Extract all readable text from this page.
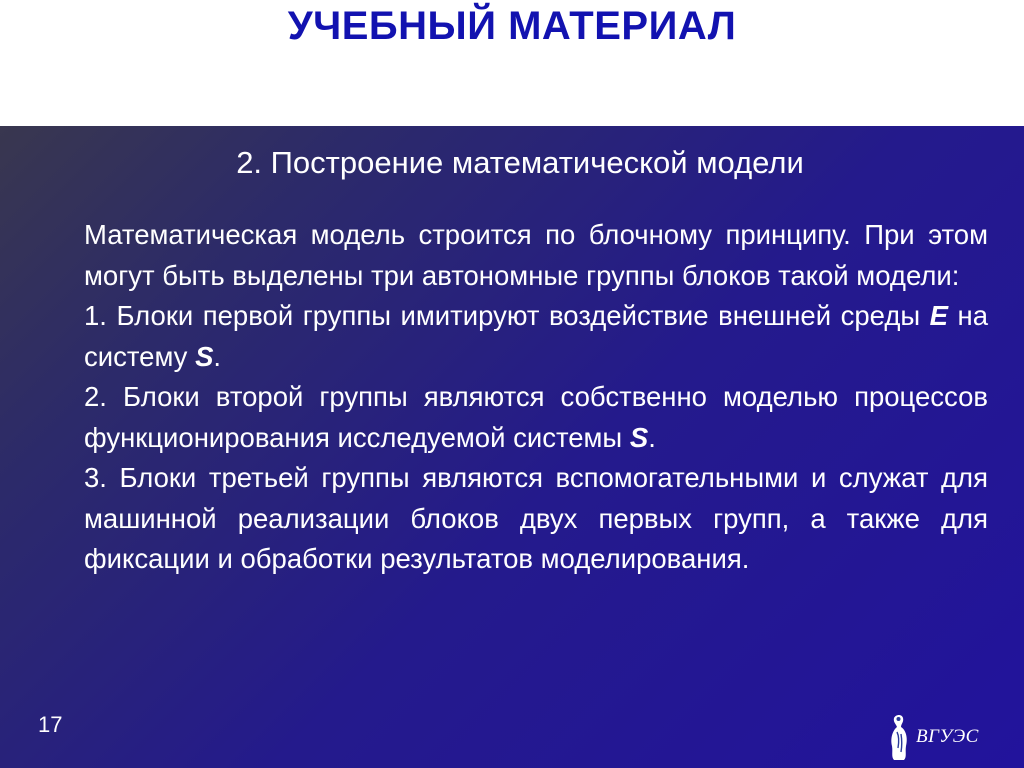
УЧЕБНЫЙ МАТЕРИАЛ
2. Построение математической модели

Математическая модель строится по блочному принципу. При этом могут быть выделены три автономные группы блоков такой модели:

1. Блоки первой группы имитируют воздействие внешней среды E на систему S.

2. Блоки второй группы являются собственно моделью процессов функционирования исследуемой системы S.

3. Блоки третьей группы являются вспомогательными и служат для машинной реализации блоков двух первых групп, а также для фиксации и обработки результатов моделирования.

17	ВГУЭС
